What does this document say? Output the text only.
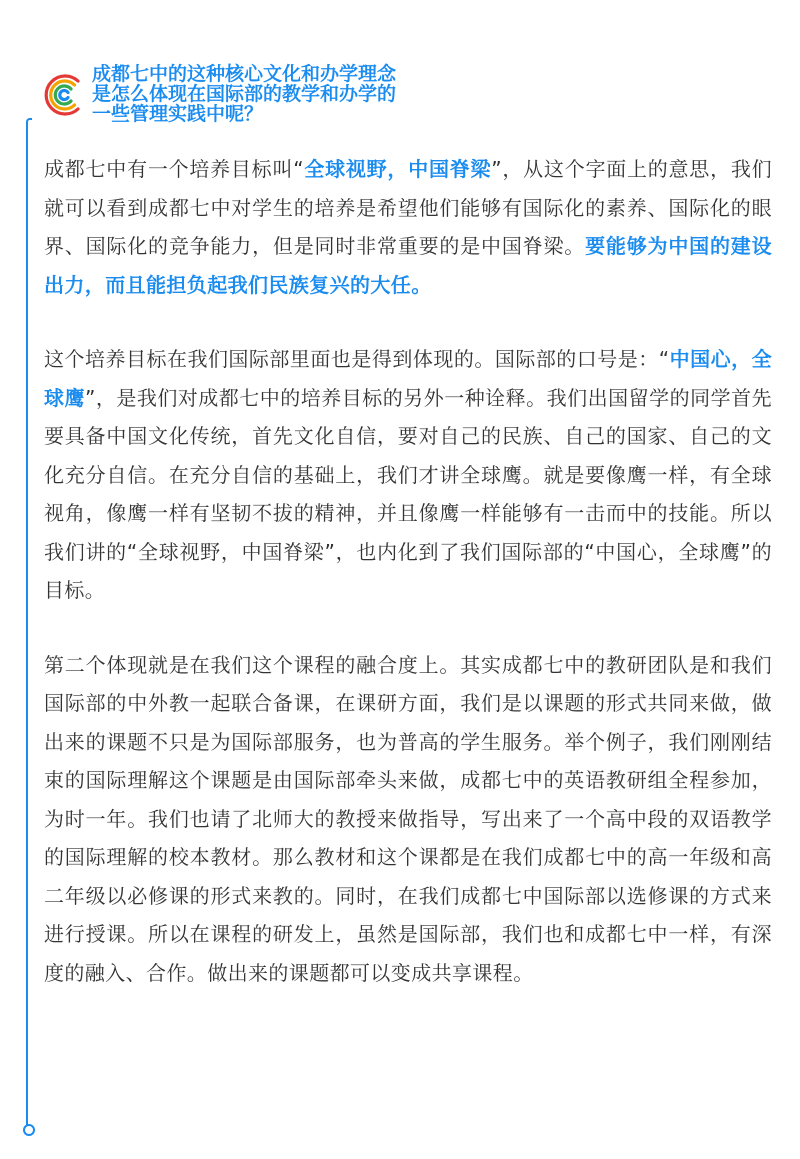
成都七中的这种核心文化和办学理念
是怎么体现在国际部的教学和办学的
一些管理实践中呢？

成都七中有一个培养目标叫“全球视野，中国脊梁”，从这个字面上的意思，我们就可以看到成都七中对学生的培养是希望他们能够有国际化的素养、国际化的眼界、国际化的竞争能力，但是同时非常重要的是中国脊梁。要能够为中国的建设出力，而且能担负起我们民族复兴的大任。

这个培养目标在我们国际部里面也是得到体现的。国际部的口号是：“中国心，全球鹰”，是我们对成都七中的培养目标的另外一种诠释。我们出国留学的同学首先要具备中国文化传统，首先文化自信，要对自己的民族、自己的国家、自己的文化充分自信。在充分自信的基础上，我们才讲全球鹰。就是要像鹰一样，有全球视角，像鹰一样有坚韧不拔的精神，并且像鹰一样能够有一击而中的技能。所以我们讲的“全球视野，中国脊梁”，也内化到了我们国际部的“中国心，全球鹰”的目标。

第二个体现就是在我们这个课程的融合度上。其实成都七中的教研团队是和我们国际部的中外教一起联合备课，在课研方面，我们是以课题的形式共同来做，做出来的课题不只是为国际部服务，也为普高的学生服务。举个例子，我们刚刚结束的国际理解这个课题是由国际部牵头来做，成都七中的英语教研组全程参加，为时一年。我们也请了北师大的教授来做指导，写出来了一个高中段的双语教学的国际理解的校本教材。那么教材和这个课都是在我们成都七中的高一年级和高二年级以必修课的形式来教的。同时，在我们成都七中国际部以选修课的方式来进行授课。所以在课程的研发上，虽然是国际部，我们也和成都七中一样，有深度的融入、合作。做出来的课题都可以变成共享课程。
